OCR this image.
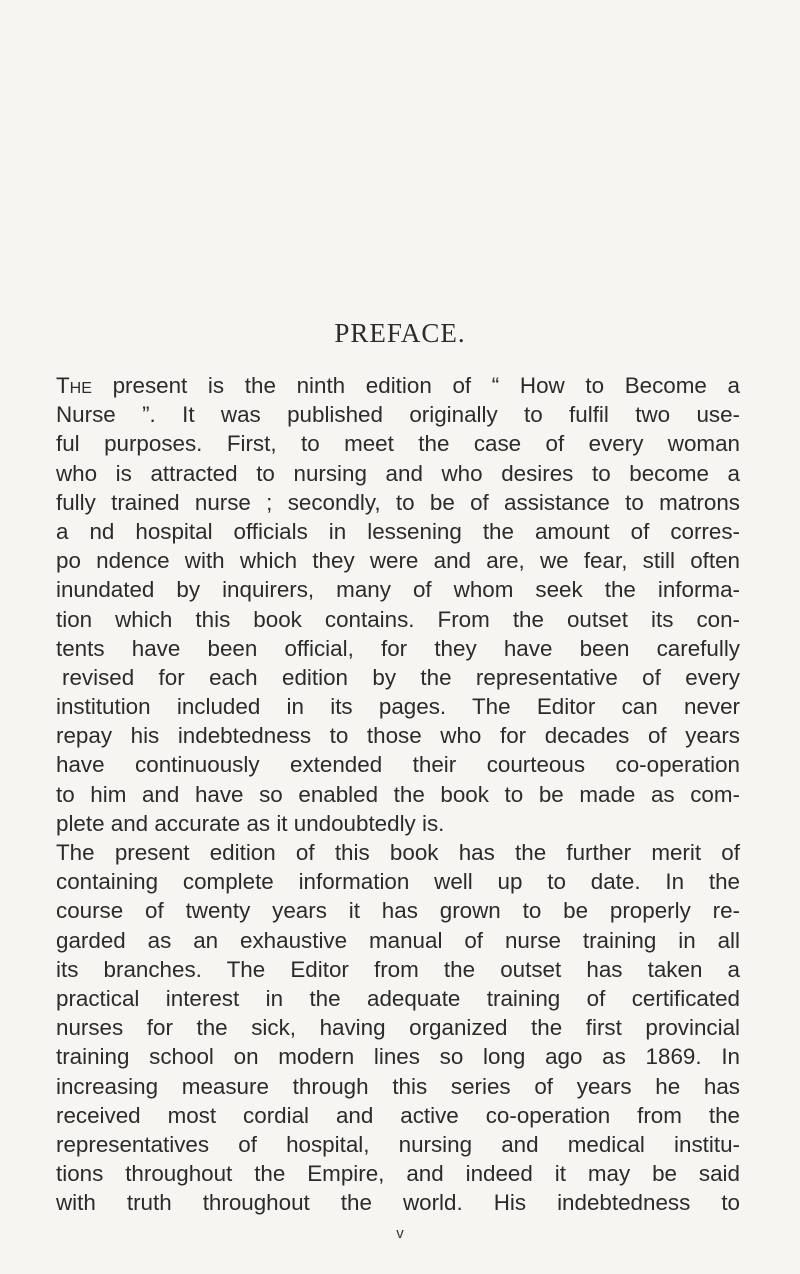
PREFACE.
The present is the ninth edition of “ How to Become a
Nurse ”. It was published originally to fulfil two use-
ful purposes. First, to meet the case of every woman
who is attracted to nursing and who desires to become a
fully trained nurse ; secondly, to be of assistance to matrons
a nd hospital officials in lessening the amount of corres-
po ndence with which they were and are, we fear, still often
inundated by inquirers, many of whom seek the informa-
tion which this book contains. From the outset its con-
tents have been official, for they have been carefully
revised for each edition by the representative of every
institution included in its pages. The Editor can never
repay his indebtedness to those who for decades of years
have continuously extended their courteous co-operation
to him and have so enabled the book to be made as com-
plete and accurate as it undoubtedly is.
The present edition of this book has the further merit of
containing complete information well up to date. In the
course of twenty years it has grown to be properly re-
garded as an exhaustive manual of nurse training in all
its branches. The Editor from the outset has taken a
practical interest in the adequate training of certificated
nurses for the sick, having organized the first provincial
training school on modern lines so long ago as 1869. In
increasing measure through this series of years he has
received most cordial and active co-operation from the
representatives of hospital, nursing and medical institu-
tions throughout the Empire, and indeed it may be said
with truth throughout the world. His indebtedness to
v
